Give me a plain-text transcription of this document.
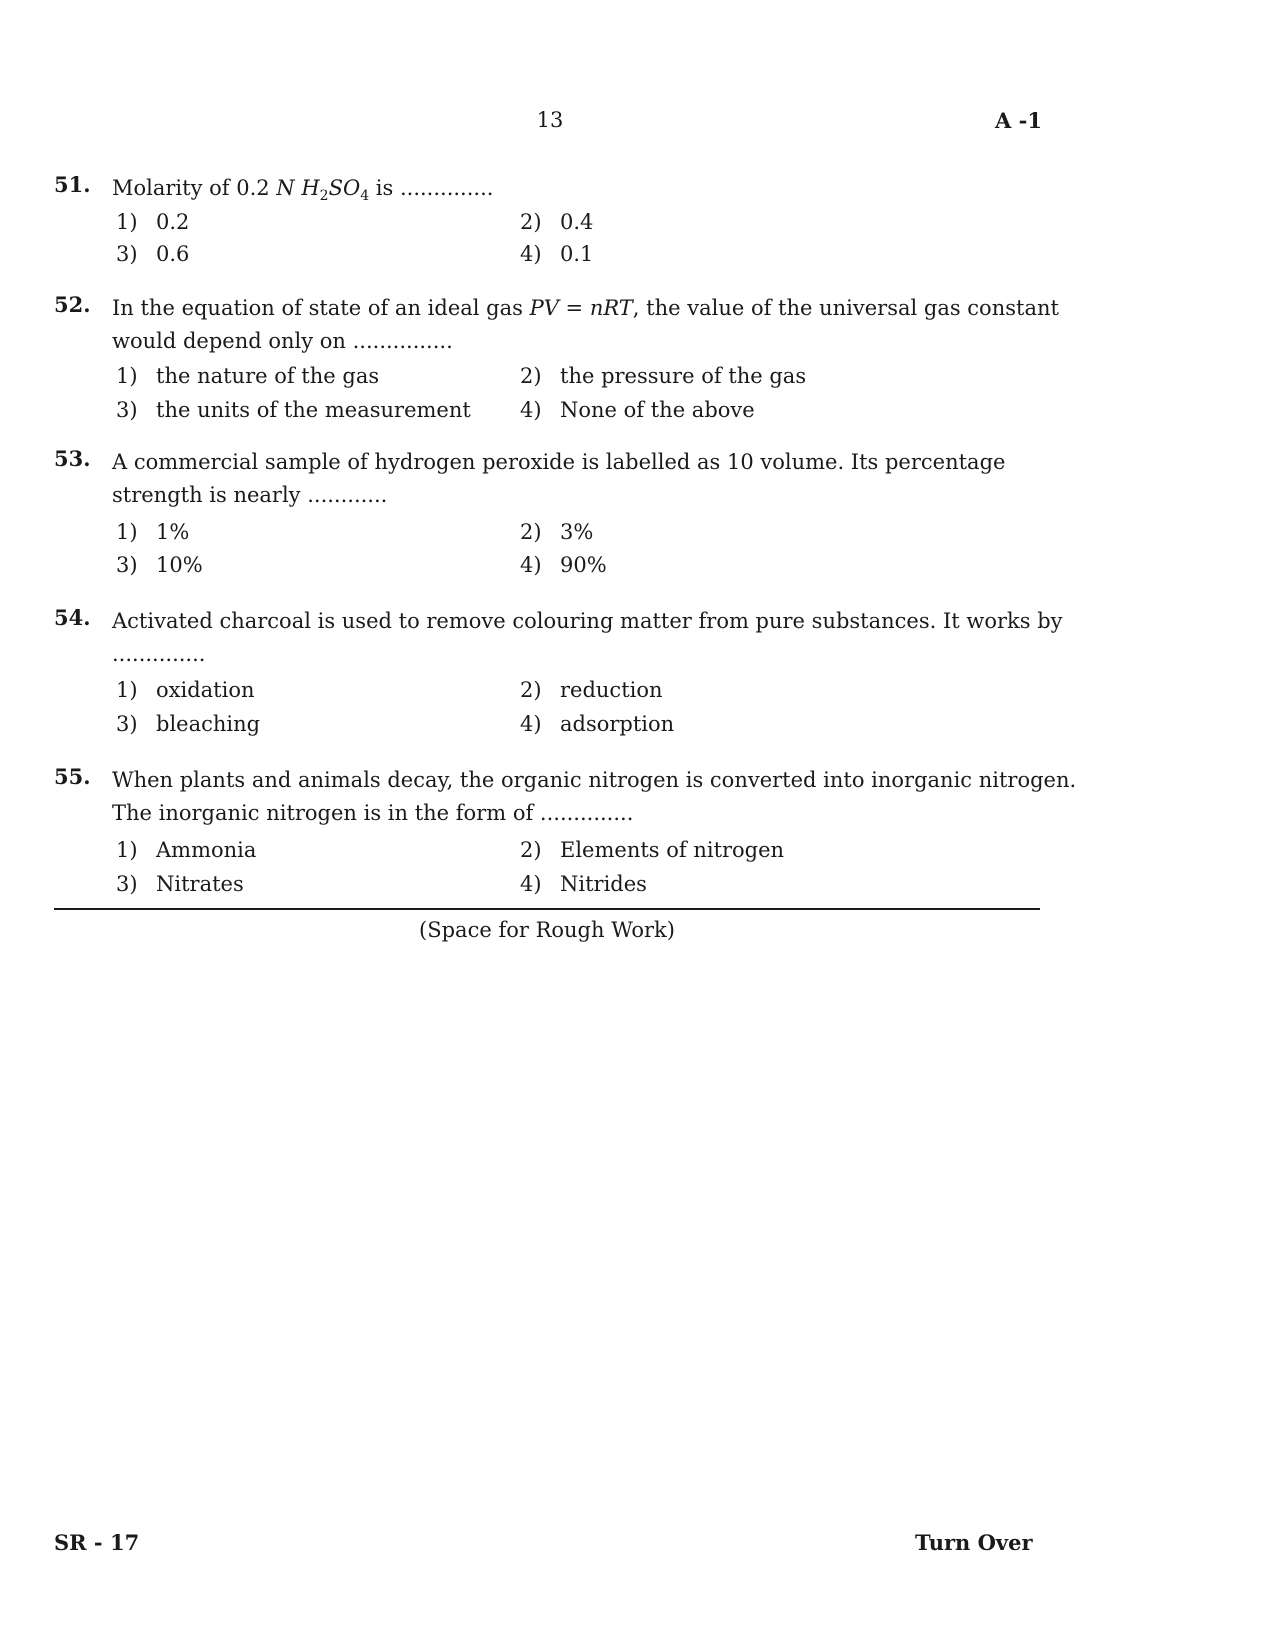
13	A -1
51. Molarity of 0.2 N $H_2SO_4$ is ..............
1) 0.2	2) 0.4
3) 0.6	4) 0.1
52. In the equation of state of an ideal gas PV = nRT, the value of the universal gas constant would depend only on ...............
1) the nature of the gas	2) the pressure of the gas
3) the units of the measurement 4) None of the above
53. A commercial sample of hydrogen peroxide is labelled as 10 volume. Its percentage strength is nearly ............
1) 1%	2) 3%
3) 10%	4) 90%
54. Activated charcoal is used to remove colouring matter from pure substances. It works by ..............
1) oxidation	2) reduction
3) bleaching	4) adsorption
55. When plants and animals decay, the organic nitrogen is converted into inorganic nitrogen. The inorganic nitrogen is in the form of ..............
1) Ammonia	2) Elements of nitrogen
3) Nitrates	4) Nitrides
(Space for Rough Work)
SR - 17	Turn Over
